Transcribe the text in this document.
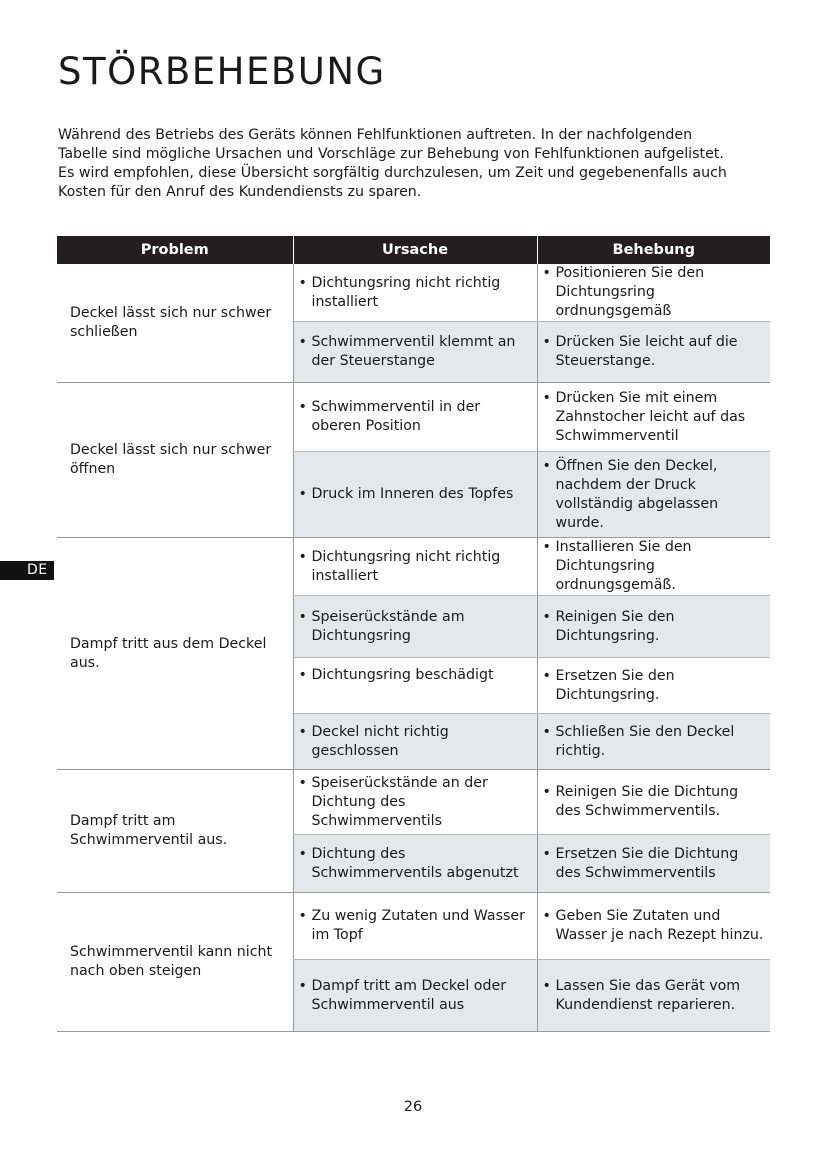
STÖRBEHEBUNG

Während des Betriebs des Geräts können Fehlfunktionen auftreten. In der nachfolgenden Tabelle sind mögliche Ursachen und Vorschläge zur Behebung von Fehlfunktionen aufgelistet. Es wird empfohlen, diese Übersicht sorgfältig durchzulesen, um Zeit und gegebenenfalls auch Kosten für den Anruf des Kundendiensts zu sparen.

DE
Problem	Ursache	Behebung
Deckel lässt sich nur schwer schließen	• Dichtungsring nicht richtig installiert	• Positionieren Sie den Dichtungsring ordnungsgemäß

	• Schwimmerventil klemmt an der Steuerstange	• Drücken Sie leicht auf die Steuerstange.

Deckel lässt sich nur schwer öffnen	• Schwimmerventil in der oberen Position	• Drücken Sie mit einem Zahnstocher leicht auf das Schwimmerventil

	• Druck im Inneren des Topfes	• Öffnen Sie den Deckel, nachdem der Druck vollständig abgelassen wurde.

Dampf tritt aus dem Deckel aus.	• Dichtungsring nicht richtig installiert	• Installieren Sie den Dichtungsring ordnungsgemäß.

	• Speiserückstände am Dichtungsring	• Reinigen Sie den Dichtungsring.

	• Dichtungsring beschädigt	• Ersetzen Sie den Dichtungsring.

	• Deckel nicht richtig geschlossen	• Schließen Sie den Deckel richtig.

Dampf tritt am Schwimmerventil aus.	• Speiserückstände an der Dichtung des Schwimmerventils	• Reinigen Sie die Dichtung des Schwimmerventils.

	• Dichtung des Schwimmerventils abgenutzt	• Ersetzen Sie die Dichtung des Schwimmerventils

Schwimmerventil kann nicht nach oben steigen	• Zu wenig Zutaten und Wasser im Topf	• Geben Sie Zutaten und Wasser je nach Rezept hinzu.

	• Dampf tritt am Deckel oder Schwimmerventil aus	• Lassen Sie das Gerät vom Kundendienst reparieren.
26
